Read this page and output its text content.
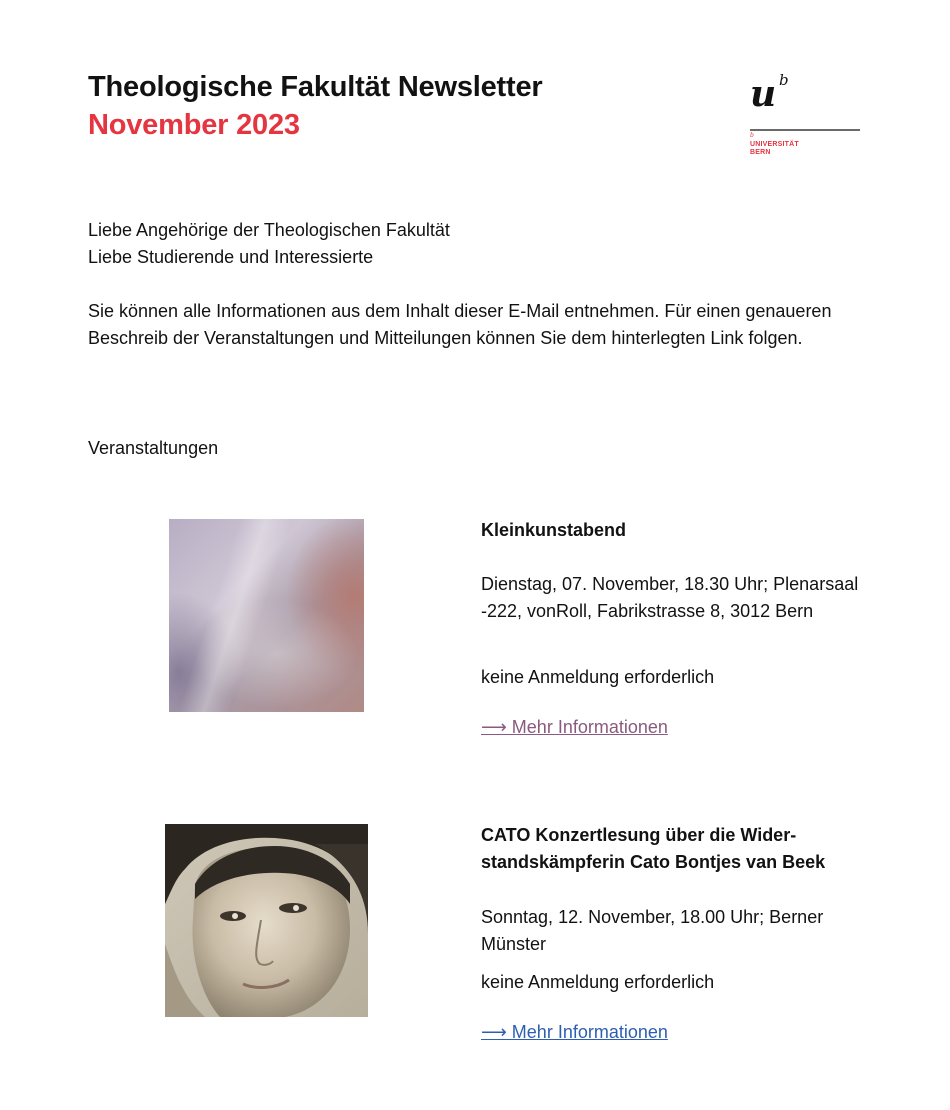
Theologische Fakultät Newsletter
November 2023
u b
b
UNIVERSITÄT
BERN
Liebe Angehörige der Theologischen Fakultät
Liebe Studierende und Interessierte
Sie können alle Informationen aus dem Inhalt dieser E-Mail entnehmen. Für einen genaueren Beschreib der Veranstaltungen und Mitteilungen können Sie dem hinterlegten Link folgen.
Veranstaltungen
Kleinkunstabend
Dienstag, 07. November, 18.30 Uhr; Plenarsaal -222, vonRoll, Fabrikstrasse 8, 3012 Bern
keine Anmeldung erforderlich
⟶ Mehr Informationen
CATO Konzertlesung über die Widerstandskämpferin Cato Bontjes van Beek
Sonntag, 12. November, 18.00 Uhr; Berner Münster
keine Anmeldung erforderlich
⟶ Mehr Informationen
